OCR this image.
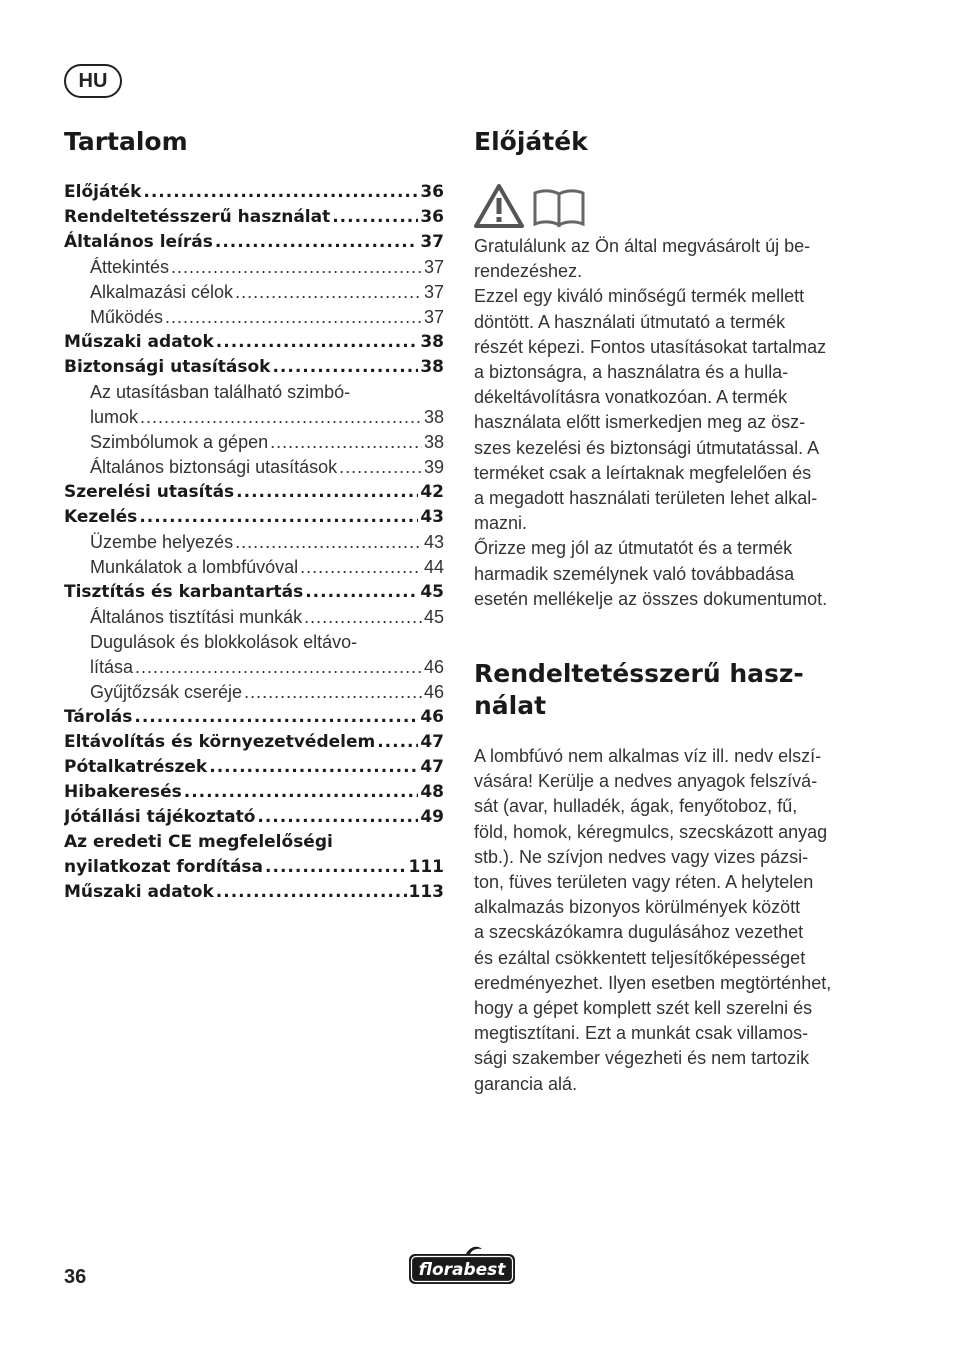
HU
Tartalom
Előjáték .....	36
Rendeltetésszerű használat .....	36
Általános leírás .....	37
Áttekintés .....	37
Alkalmazási célok .....	37
Működés .....	37
Műszaki adatok .....	38
Biztonsági utasítások .....	38
Az utasításban található szimbó-
lumok .....	38
Szimbólumok a gépen .....	38
Általános biztonsági utasítások .....	39
Szerelési utasítás .....	42
Kezelés .....	43
Üzembe helyezés .....	43
Munkálatok a lombfúvóval .....	44
Tisztítás és karbantartás .....	45
Általános tisztítási munkák .....	45
Dugulások és blokkolások eltávo-
lítása .....	46
Gyűjtőzsák cseréje .....	46
Tárolás .....	46
Eltávolítás és környezetvédelem .....	47
Pótalkatrészek .....	47
Hibakeresés .....	48
Jótállási tájékoztató .....	49
Az eredeti CE megfelelőségi
nyilatkozat fordítása .....	111
Műszaki adatok .....	113
Előjáték
Gratulálunk az Ön által megvásárolt új be-
rendezéshez.
Ezzel egy kiváló minőségű termék mellett
döntött. A használati útmutató a termék
részét képezi. Fontos utasításokat tartalmaz
a biztonságra, a használatra és a hulla-
dékeltávolításra vonatkozóan. A termék
használata előtt ismerkedjen meg az ösz-
szes kezelési és biztonsági útmutatással. A
terméket csak a leírtaknak megfelelően és
a megadott használati területen lehet alkal-
mazni.
Őrizze meg jól az útmutatót és a termék
harmadik személynek való továbbadása
esetén mellékelje az összes dokumentumot.
Rendeltetésszerű hasz-
nálat
A lombfúvó nem alkalmas víz ill. nedv elszí-
vására! Kerülje a nedves anyagok felszívá-
sát (avar, hulladék, ágak, fenyőtoboz, fű,
föld, homok, kéregmulcs, szecskázott anyag
stb.). Ne szívjon nedves vagy vizes pázsi-
ton, füves területen vagy réten. A helytelen
alkalmazás bizonyos körülmények között
a szecskázókamra dugulásához vezethet
és ezáltal csökkentett teljesítőképességet
eredményezhet. Ilyen esetben megtörténhet,
hogy a gépet komplett szét kell szerelni és
megtisztítani. Ezt a munkát csak villamos-
sági szakember végezheti és nem tartozik
garancia alá.
36	florabest
